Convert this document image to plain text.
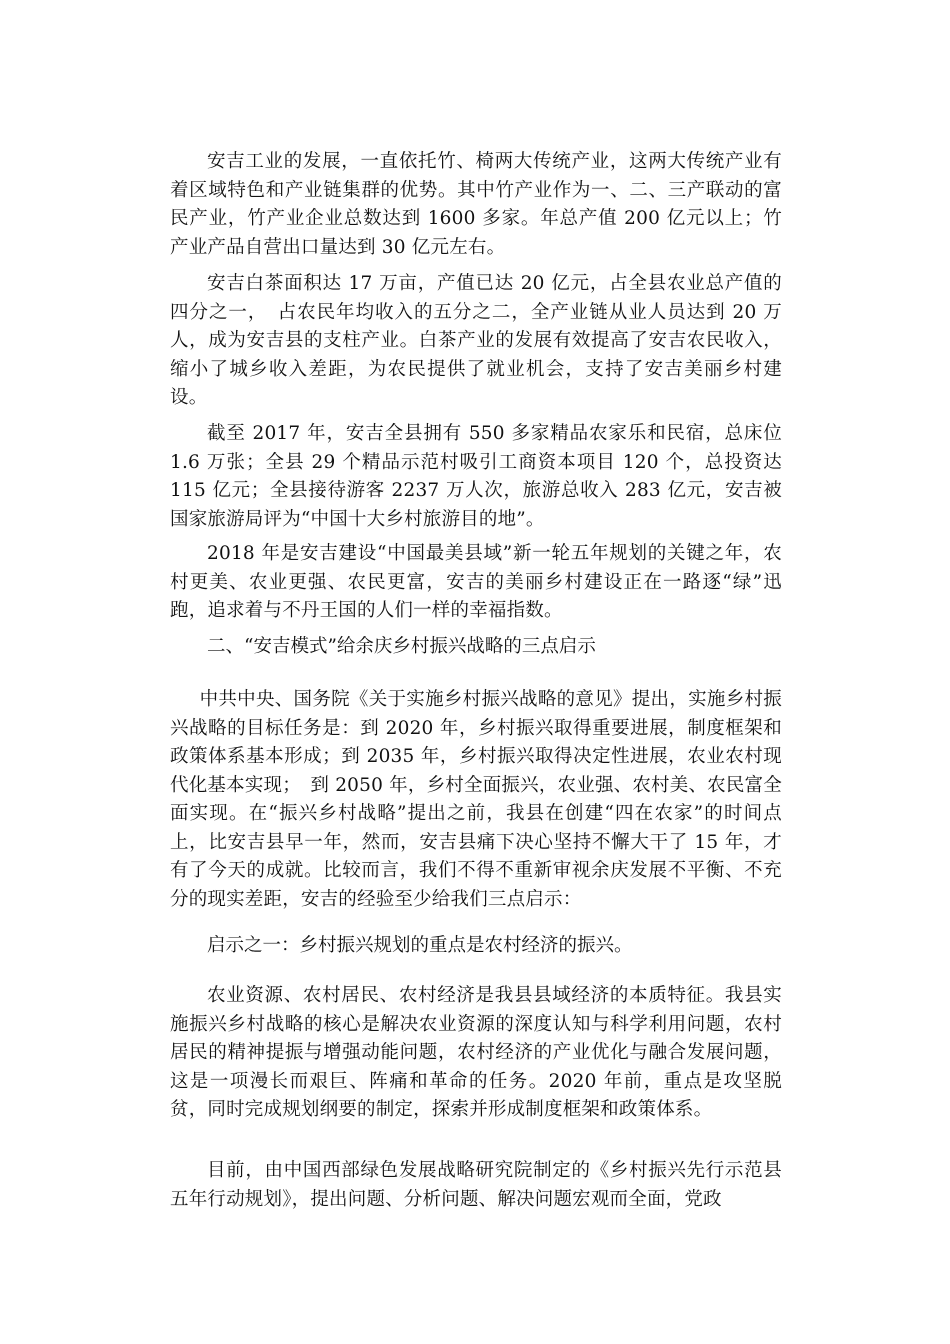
安吉工业的发展，一直依托竹、椅两大传统产业，这两大传统产业有着区域特色和产业链集群的优势。其中竹产业作为一、二、三产联动的富民产业，竹产业企业总数达到 1600 多家。年总产值 200 亿元以上；竹产业产品自营出口量达到 30 亿元左右。

安吉白茶面积达 17 万亩，产值已达 20 亿元，占全县农业总产值的四分之一，　占农民年均收入的五分之二，全产业链从业人员达到 20 万人，成为安吉县的支柱产业。白茶产业的发展有效提高了安吉农民收入，缩小了城乡收入差距，为农民提供了就业机会，支持了安吉美丽乡村建设。

截至 2017 年，安吉全县拥有 550 多家精品农家乐和民宿，总床位 1.6 万张；全县 29 个精品示范村吸引工商资本项目 120 个，总投资达 115 亿元；全县接待游客 2237 万人次，旅游总收入 283 亿元，安吉被国家旅游局评为“中国十大乡村旅游目的地”。

2018 年是安吉建设“中国最美县域”新一轮五年规划的关键之年，农村更美、农业更强、农民更富，安吉的美丽乡村建设正在一路逐“绿”迅跑，追求着与不丹王国的人们一样的幸福指数。

二、“安吉模式”给余庆乡村振兴战略的三点启示

中共中央、国务院《关于实施乡村振兴战略的意见》提出，实施乡村振兴战略的目标任务是：到 2020 年，乡村振兴取得重要进展，制度框架和政策体系基本形成；到 2035 年，乡村振兴取得决定性进展，农业农村现代化基本实现；　到 2050 年，乡村全面振兴，农业强、农村美、农民富全面实现。在“振兴乡村战略”提出之前，我县在创建“四在农家”的时间点上，比安吉县早一年，然而，安吉县痛下决心坚持不懈大干了 15 年，才有了今天的成就。比较而言，我们不得不重新审视余庆发展不平衡、不充分的现实差距，安吉的经验至少给我们三点启示：

启示之一：乡村振兴规划的重点是农村经济的振兴。

农业资源、农村居民、农村经济是我县县域经济的本质特征。我县实施振兴乡村战略的核心是解决农业资源的深度认知与科学利用问题，农村居民的精神提振与增强动能问题，农村经济的产业优化与融合发展问题，这是一项漫长而艰巨、阵痛和革命的任务。2020 年前，重点是攻坚脱贫，同时完成规划纲要的制定，探索并形成制度框架和政策体系。

目前，由中国西部绿色发展战略研究院制定的《乡村振兴先行示范县五年行动规划》，提出问题、分析问题、解决问题宏观而全面，党政
